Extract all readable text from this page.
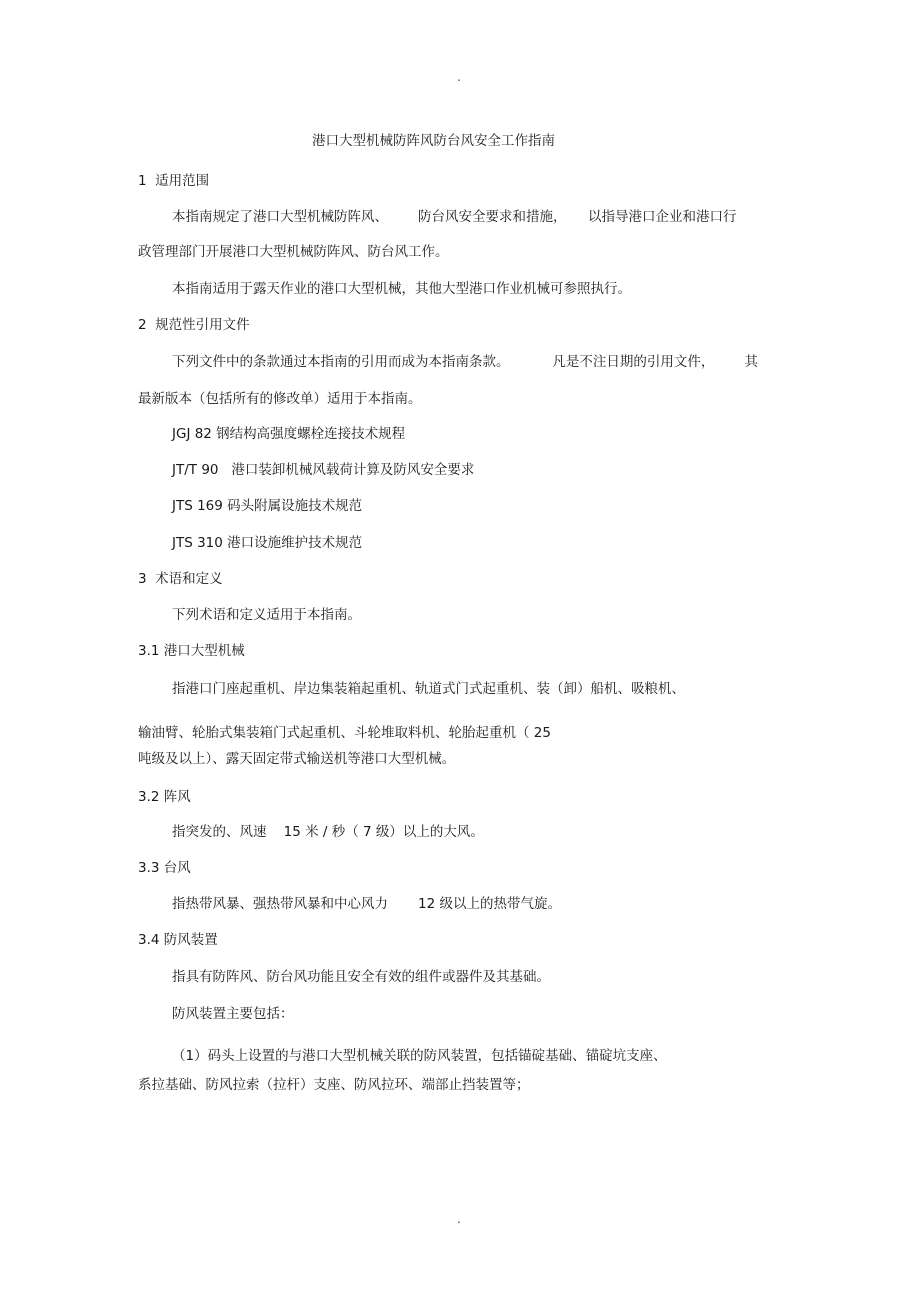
.
港口大型机械防阵风防台风安全工作指南
1  适用范围
本指南规定了港口大型机械防阵风、       防台风安全要求和措施，     以指导港口企业和港口行
政管理部门开展港口大型机械防阵风、防台风工作。
本指南适用于露天作业的港口大型机械，其他大型港口作业机械可参照执行。
2  规范性引用文件
下列文件中的条款通过本指南的引用而成为本指南条款。          凡是不注日期的引用文件，       其
最新版本（包括所有的修改单）适用于本指南。
JGJ 82 钢结构高强度螺栓连接技术规程
JT/T 90   港口装卸机械风载荷计算及防风安全要求
JTS 169 码头附属设施技术规范
JTS 310 港口设施维护技术规范
3  术语和定义
下列术语和定义适用于本指南。
3.1 港口大型机械
指港口门座起重机、岸边集装箱起重机、轨道式门式起重机、装（卸）船机、吸粮机、
输油臂、轮胎式集装箱门式起重机、斗轮堆取料机、轮胎起重机（ 25
吨级及以上）、露天固定带式输送机等港口大型机械。
3.2 阵风
指突发的、风速    15 米 / 秒（ 7 级）以上的大风。
3.3 台风
指热带风暴、强热带风暴和中心风力       12 级以上的热带气旋。
3.4 防风装置
指具有防阵风、防台风功能且安全有效的组件或器件及其基础。
防风装置主要包括：
（1）码头上设置的与港口大型机械关联的防风装置，包括锚碇基础、锚碇坑支座、
系拉基础、防风拉索（拉杆）支座、防风拉环、端部止挡装置等；
.
